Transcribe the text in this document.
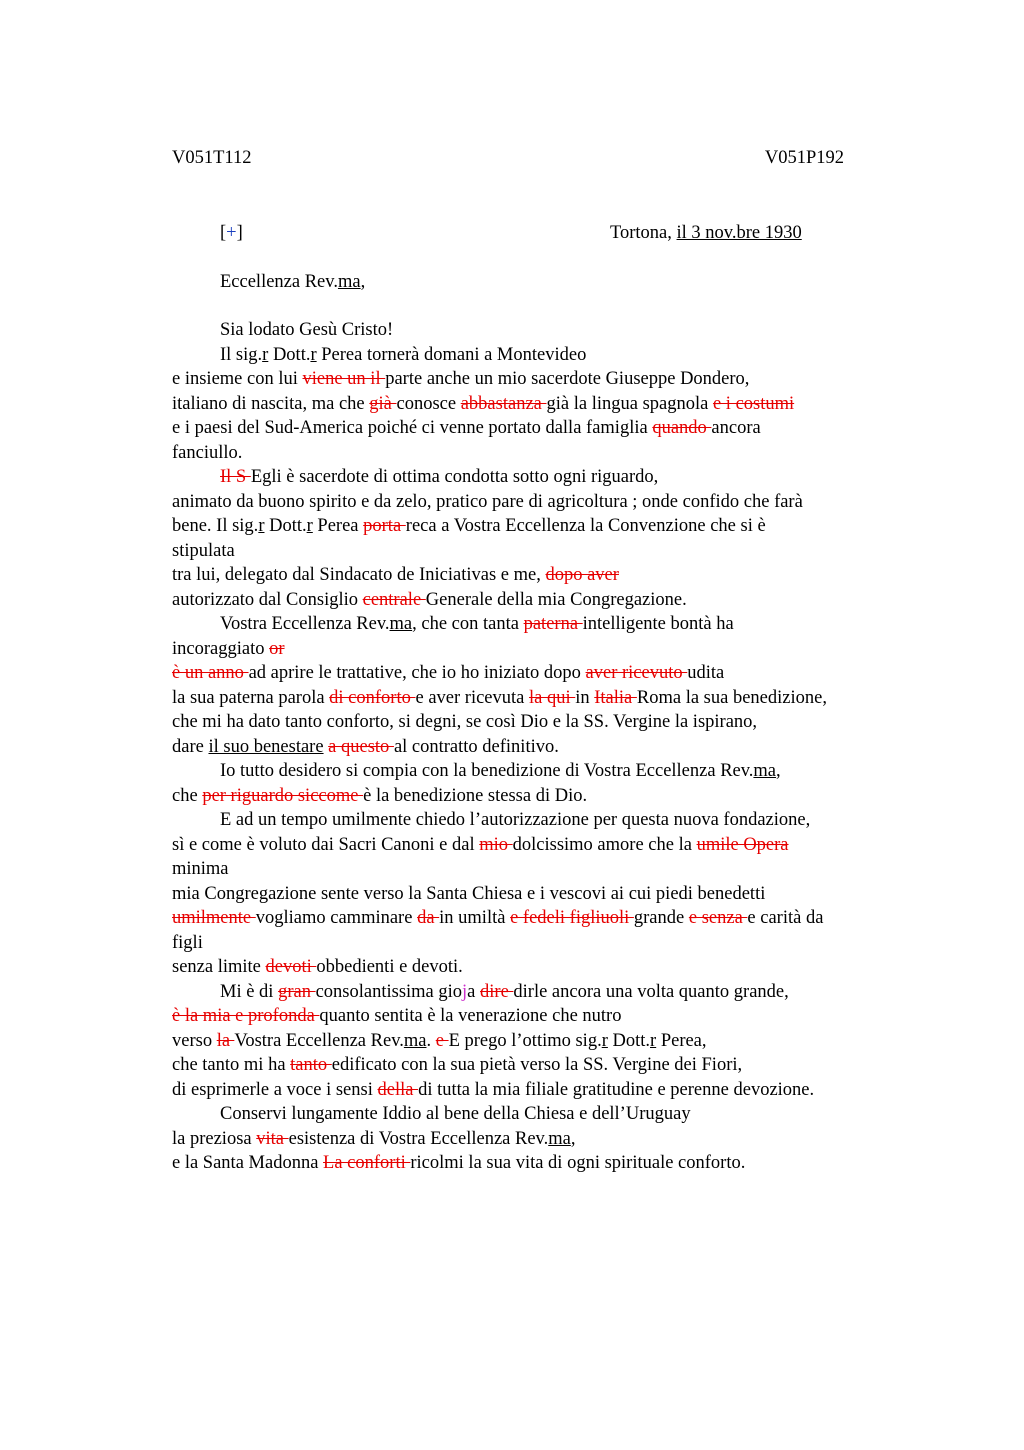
V051T112	V051P192
[+]	Tortona, il 3 nov.bre 1930
Eccellenza Rev.ma,
Sia lodato Gesù Cristo!
Il sig.r Dott.r Perea tornerà domani a Montevideo
e insieme con lui viene un il parte anche un mio sacerdote Giuseppe Dondero,
italiano di nascita, ma che già conosce abbastanza già la lingua spagnola e i costumi
e i paesi del Sud-America poiché ci venne portato dalla famiglia quando ancora
fanciullo.
Il S Egli è sacerdote di ottima condotta sotto ogni riguardo,
animato da buono spirito e da zelo, pratico pare di agricoltura ; onde confido che farà
bene. Il sig.r Dott.r Perea porta reca a Vostra Eccellenza la Convenzione che si è
stipulata
tra lui, delegato dal Sindacato de Iniciativas e me, dopo aver
autorizzato dal Consiglio centrale Generale della mia Congregazione.
Vostra Eccellenza Rev.ma, che con tanta paterna intelligente bontà ha
incoraggiato or
è un anno ad aprire le trattative, che io ho iniziato dopo aver ricevuto udita
la sua paterna parola di conforto e aver ricevuta la qui in Italia Roma la sua benedizione,
che mi ha dato tanto conforto, si degni, se così Dio e la SS. Vergine la ispirano,
dare il suo benestare a questo al contratto definitivo.
Io tutto desidero si compia con la benedizione di Vostra Eccellenza Rev.ma,
che per riguardo siccome è la benedizione stessa di Dio.
E ad un tempo umilmente chiedo l’autorizzazione per questa nuova fondazione,
sì e come è voluto dai Sacri Canoni e dal mio dolcissimo amore che la umile Opera
minima
mia Congregazione sente verso la Santa Chiesa e i vescovi ai cui piedi benedetti
umilmente vogliamo camminare da in umiltà e fedeli figliuoli grande e senza e carità da
figli
senza limite devoti obbedienti e devoti.
Mi è di gran consolantissima gioja dire dirle ancora una volta quanto grande,
è la mia e profonda quanto sentita è la venerazione che nutro
verso la Vostra Eccellenza Rev.ma. e E prego l’ottimo sig.r Dott.r Perea,
che tanto mi ha tanto edificato con la sua pietà verso la SS. Vergine dei Fiori,
di esprimerle a voce i sensi della di tutta la mia filiale gratitudine e perenne devozione.
Conservi lungamente Iddio al bene della Chiesa e dell’Uruguay
la preziosa vita esistenza di Vostra Eccellenza Rev.ma,
e la Santa Madonna La conforti ricolmi la sua vita di ogni spirituale conforto.
